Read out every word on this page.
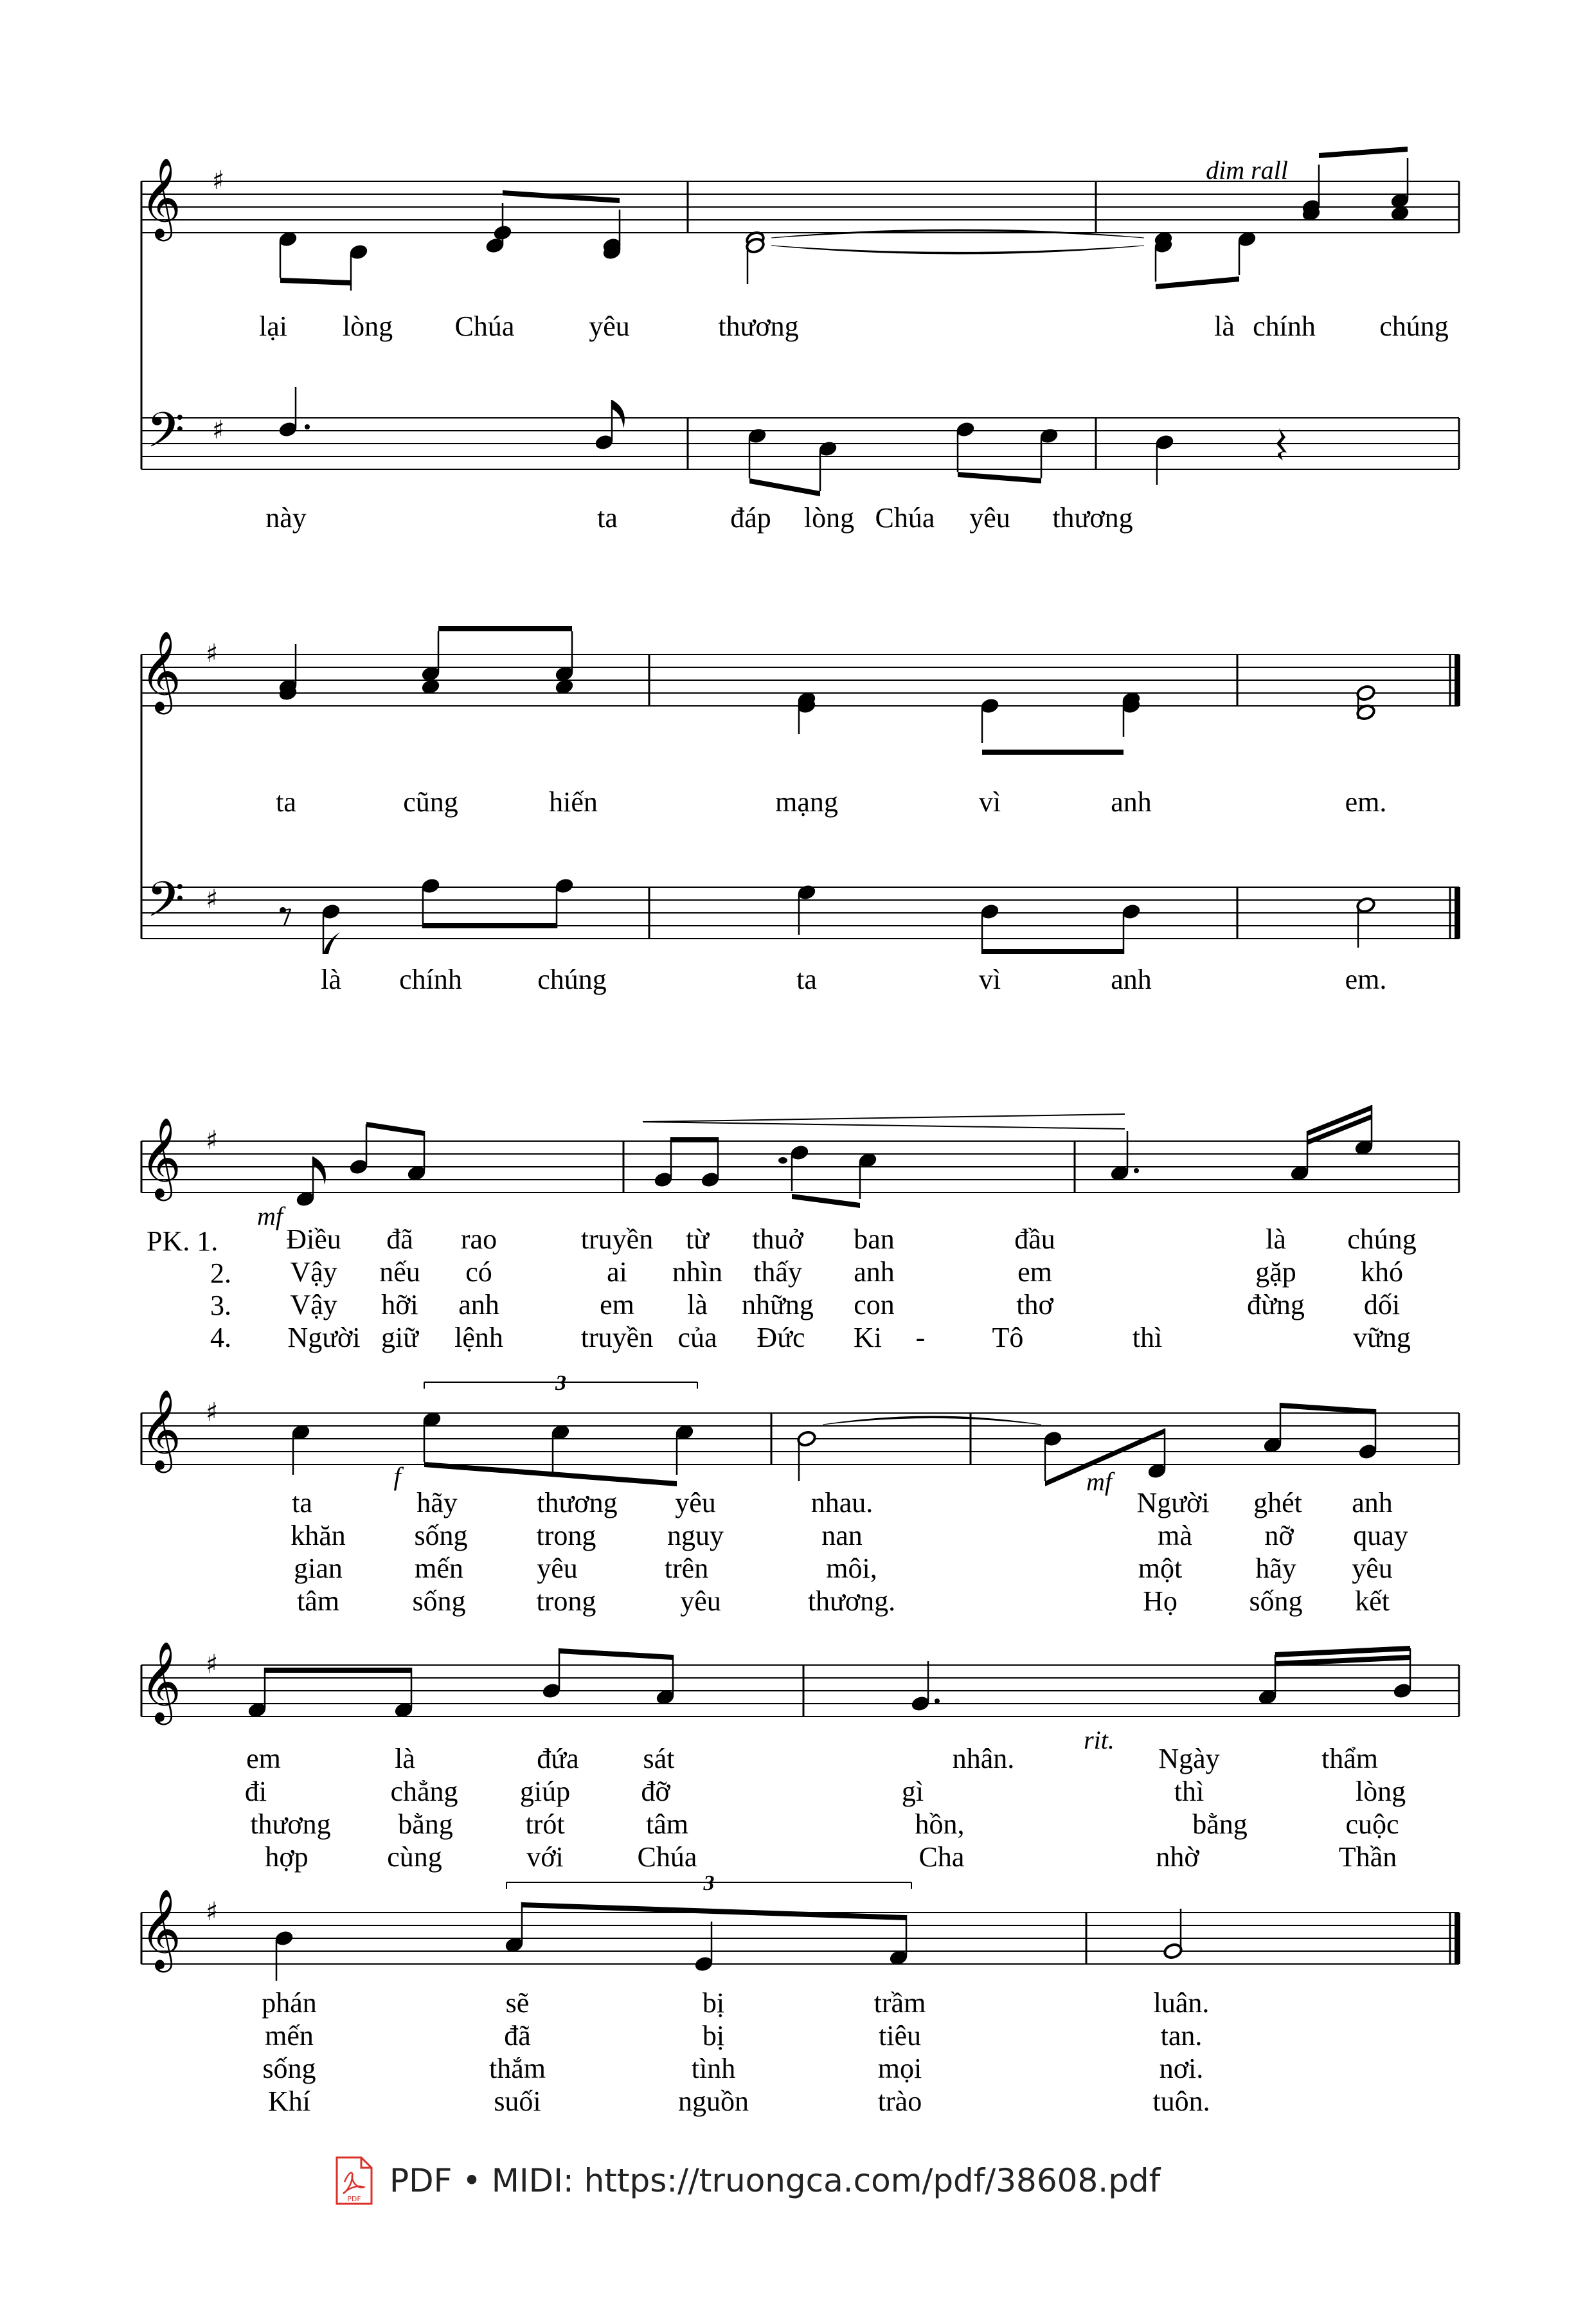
𝄞
𝄢
♯
♯
𝄞
𝄢
♯
♯
𝄞 ♯
𝄞 ♯
𝄞 ♯
𝄞 ♯
dim rall
lại lòng Chúa	yêu	thương	là chính chúng
này	ta	đáp lòng Chúa yêu thương
ta	cũng	hiến	mạng	vì	anh	em.
là chính	chúng	ta	vì	anh	em.
mf
PK. 1.
2.
3.
4.
Điều đã rao	truyền từ thuở ban	đầu	là chúng
Vậy nếu có	ai nhìn thấy anh	em	gặp khó
Vậy hỡi anh	em là những con	thơ	đừng dối
Người giữ lệnh	truyền của Đức Ki - Tô	thì	vững
3
f	mf
ta	hãy	thương yêu	nhau.	Người ghét anh
khăn sống trong	nguy	nan	mà	nỡ quay
gian	mến	yêu	trên	môi,	một	hãy yêu
tâm	sống trong	yêu	thương.	Họ	sống kết
rit.
em	là	đứa sát	nhân.	Ngày	thẩm
đi	chẳng giúp	đỡ	gì	thì	lòng
thương bằng	trót	tâm	hồn,	bằng	cuộc
hợp	cùng	với	Chúa	Cha	nhờ	Thần
3
phán	sẽ	bị	trầm	luân.
mến	đã	bị	tiêu	tan.
sống	thắm	tình	mọi	nơi.
Khí	suối	nguồn	trào	tuôn.
PDF PDF • MIDI: https://truongca.com/pdf/38608.pdf
